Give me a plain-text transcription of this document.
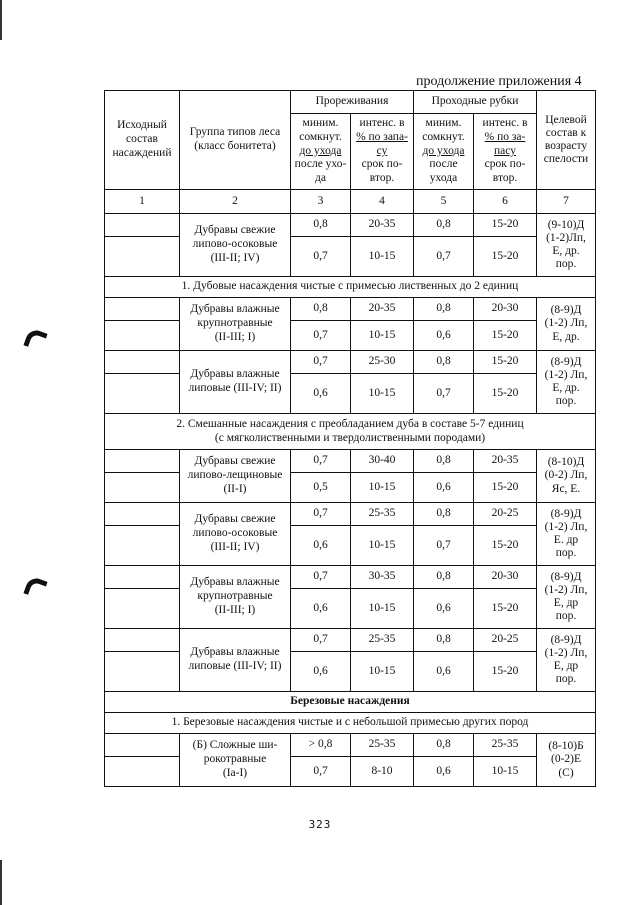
продолжение приложения 4
Исходный
состав
насаждений	Группа типов леса
(класс бонитета)	Прореживания		Проходные рубки		Целевой
состав к
возрасту
спелости
		миним.
сомкнут.
до ухода
после ухо-
да	интенс. в
% по запа-
су
срок по-
втор.	миним.
сомкнут.
до ухода
после
ухода	интенс. в
% по за-
пасу
срок по-
втор.	
1	2	3	4	5	6	7
	Дубравы свежие
липово-осоковые
(III-II; IV)	0,8	20-35	0,8	15-20	(9-10)Д
(1-2)Лп,
Е, др.
пор.
		0,7	10-15	0,7	15-20	
1. Дубовые насаждения чистые с примесью лиственных до 2 единиц						
	Дубравы влажные
крупнотравные
(II-III; I)	0,8	20-35	0,8	20-30	(8-9)Д
(1-2) Лп,
Е, др.
		0,7	10-15	0,6	15-20	
	Дубравы влажные
липовые (III-IV; II)	0,7	25-30	0,8	15-20	(8-9)Д
(1-2) Лп,
Е, др.
пор.
		0,6	10-15	0,7	15-20	
2. Смешанные насаждения с преобладанием дуба в составе 5-7 единиц
(с мягколиственными и твердолиственными породами)						
	Дубравы свежие
липово-лещиновые
(II-I)	0,7	30-40	0,8	20-35	(8-10)Д
(0-2) Лп,
Яс, Е.
		0,5	10-15	0,6	15-20	
	Дубравы свежие
липово-осоковые
(III-II; IV)	0,7	25-35	0,8	20-25	(8-9)Д
(1-2) Лп,
Е. др
пор.
		0,6	10-15	0,7	15-20	
	Дубравы влажные
крупнотравные
(II-III; I)	0,7	30-35	0,8	20-30	(8-9)Д
(1-2) Лп,
Е, др
пор.
		0,6	10-15	0,6	15-20	
	Дубравы влажные
липовые (III-IV; II)	0,7	25-35	0,8	20-25	(8-9)Д
(1-2) Лп,
Е, др
пор.
		0,6	10-15	0,6	15-20	
Березовые насаждения						
1. Березовые насаждения чистые и с небольшой примесью других пород						
	(Б) Сложные ши-
рокотравные
(Ia-I)	> 0,8	25-35	0,8	25-35	(8-10)Б
(0-2)Е
(С)
		0,7	8-10	0,6	10-15	
323
